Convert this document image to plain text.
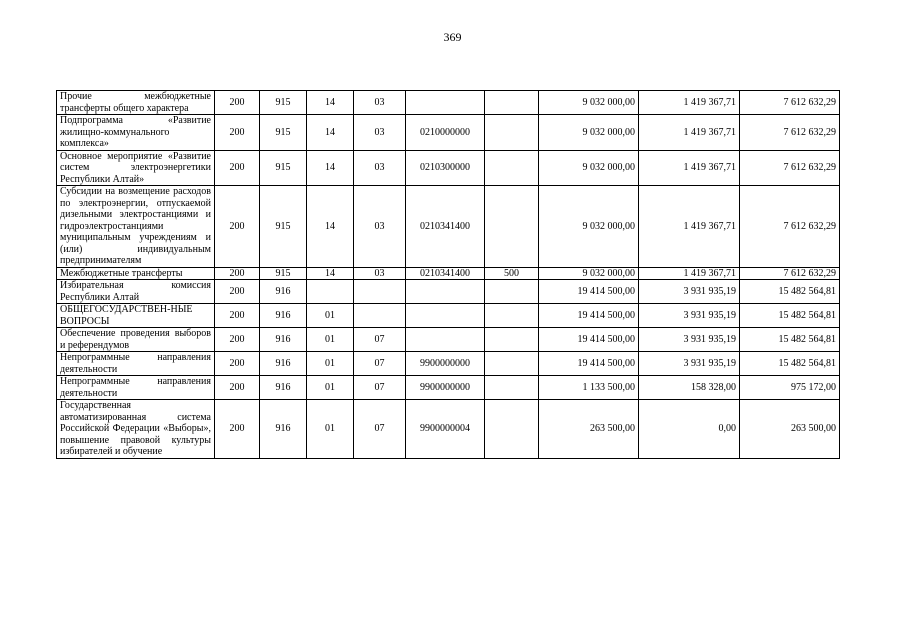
369
Прочие межбюджетные трансферты общего характера	200	915	14	03			9 032 000,00	1 419 367,71	7 612 632,29
Подпрограмма «Развитие жилищно-коммунального комплекса»	200	915	14	03	0210000000		9 032 000,00	1 419 367,71	7 612 632,29
Основное мероприятие «Развитие систем электроэнергетики Республики Алтай»	200	915	14	03	0210300000		9 032 000,00	1 419 367,71	7 612 632,29
Субсидии на возмещение расходов по электроэнергии, отпускаемой дизельными электростанциями и гидроэлектростанциями муниципальным учреждениям и (или) индивидуальным предпринимателям	200	915	14	03	0210341400		9 032 000,00	1 419 367,71	7 612 632,29
Межбюджетные трансферты	200	915	14	03	0210341400	500	9 032 000,00	1 419 367,71	7 612 632,29
Избирательная комиссия Республики Алтай	200	916					19 414 500,00	3 931 935,19	15 482 564,81
ОБЩЕГОСУДАРСТВЕН-НЫЕ ВОПРОСЫ	200	916	01				19 414 500,00	3 931 935,19	15 482 564,81
Обеспечение проведения выборов и референдумов	200	916	01	07			19 414 500,00	3 931 935,19	15 482 564,81
Непрограммные направления деятельности	200	916	01	07	9900000000		19 414 500,00	3 931 935,19	15 482 564,81
Непрограммные направления деятельности	200	916	01	07	9900000000		1 133 500,00	158 328,00	975 172,00
Государственная автоматизированная система Российской Федерации «Выборы», повышение правовой культуры избирателей и обучение	200	916	01	07	9900000004		263 500,00	0,00	263 500,00
